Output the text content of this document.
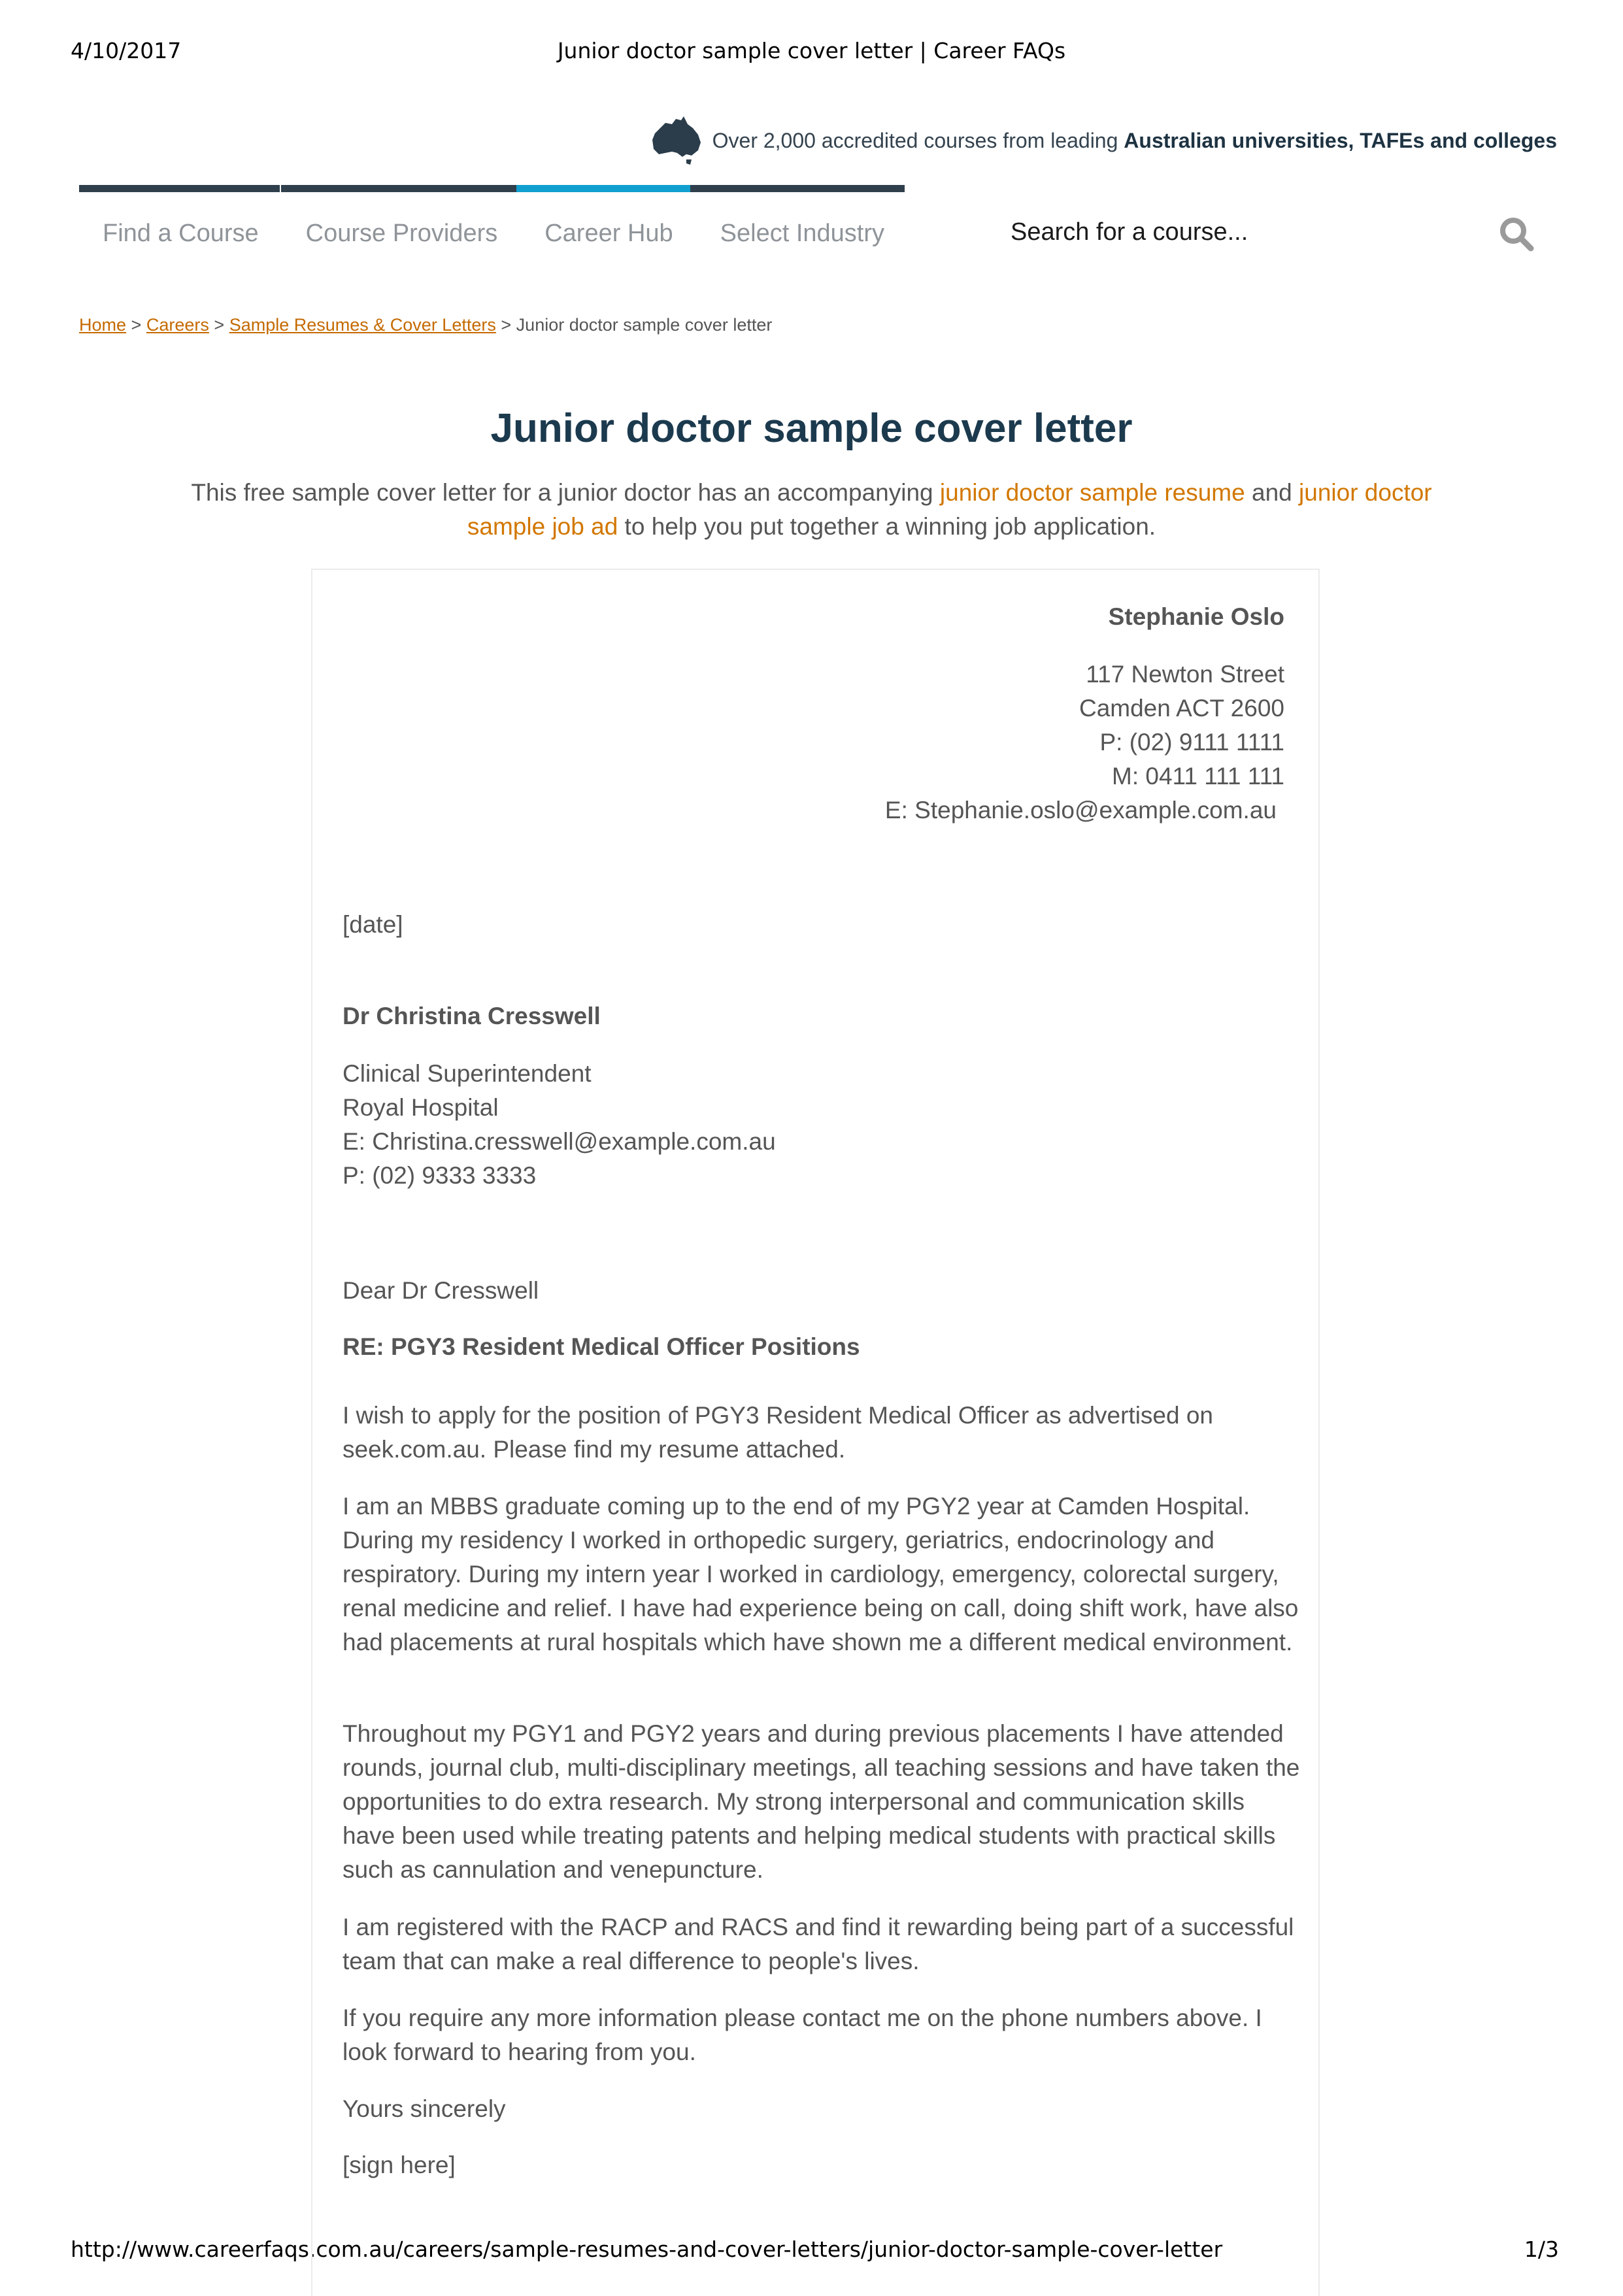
4/10/2017	Junior doctor sample cover letter | Career FAQs
http://www.careerfaqs.com.au/careers/sample-resumes-and-cover-letters/junior-doctor-sample-cover-letter	1/3
Over 2,000 accredited courses from leading Australian universities, TAFEs and colleges
Find a Course	Course Providers	Career Hub	Select Industry
Search for a course...
Home > Careers > Sample Resumes & Cover Letters > Junior doctor sample cover letter
Junior doctor sample cover letter
This free sample cover letter for a junior doctor has an accompanying junior doctor sample resume and junior doctor sample job ad to help you put together a winning job application.
Stephanie Oslo
117 Newton Street
Camden ACT 2600
P: (02) 9111 1111
M: 0411 111 111
E: Stephanie.oslo@example.com.au
[date]
Dr Christina Cresswell
Clinical Superintendent
Royal Hospital
E: Christina.cresswell@example.com.au
P: (02) 9333 3333
Dear Dr Cresswell
RE: PGY3 Resident Medical Officer Positions
I wish to apply for the position of PGY3 Resident Medical Officer as advertised on seek.com.au. Please find my resume attached.
I am an MBBS graduate coming up to the end of my PGY2 year at Camden Hospital. During my residency I worked in orthopedic surgery, geriatrics, endocrinology and respiratory. During my intern year I worked in cardiology, emergency, colorectal surgery, renal medicine and relief. I have had experience being on call, doing shift work, have also had placements at rural hospitals which have shown me a different medical environment.
Throughout my PGY1 and PGY2 years and during previous placements I have attended rounds, journal club, multi-disciplinary meetings, all teaching sessions and have taken the opportunities to do extra research. My strong interpersonal and communication skills have been used while treating patents and helping medical students with practical skills such as cannulation and venepuncture.
I am registered with the RACP and RACS and find it rewarding being part of a successful team that can make a real difference to people's lives.
If you require any more information please contact me on the phone numbers above. I look forward to hearing from you.
Yours sincerely
[sign here]
